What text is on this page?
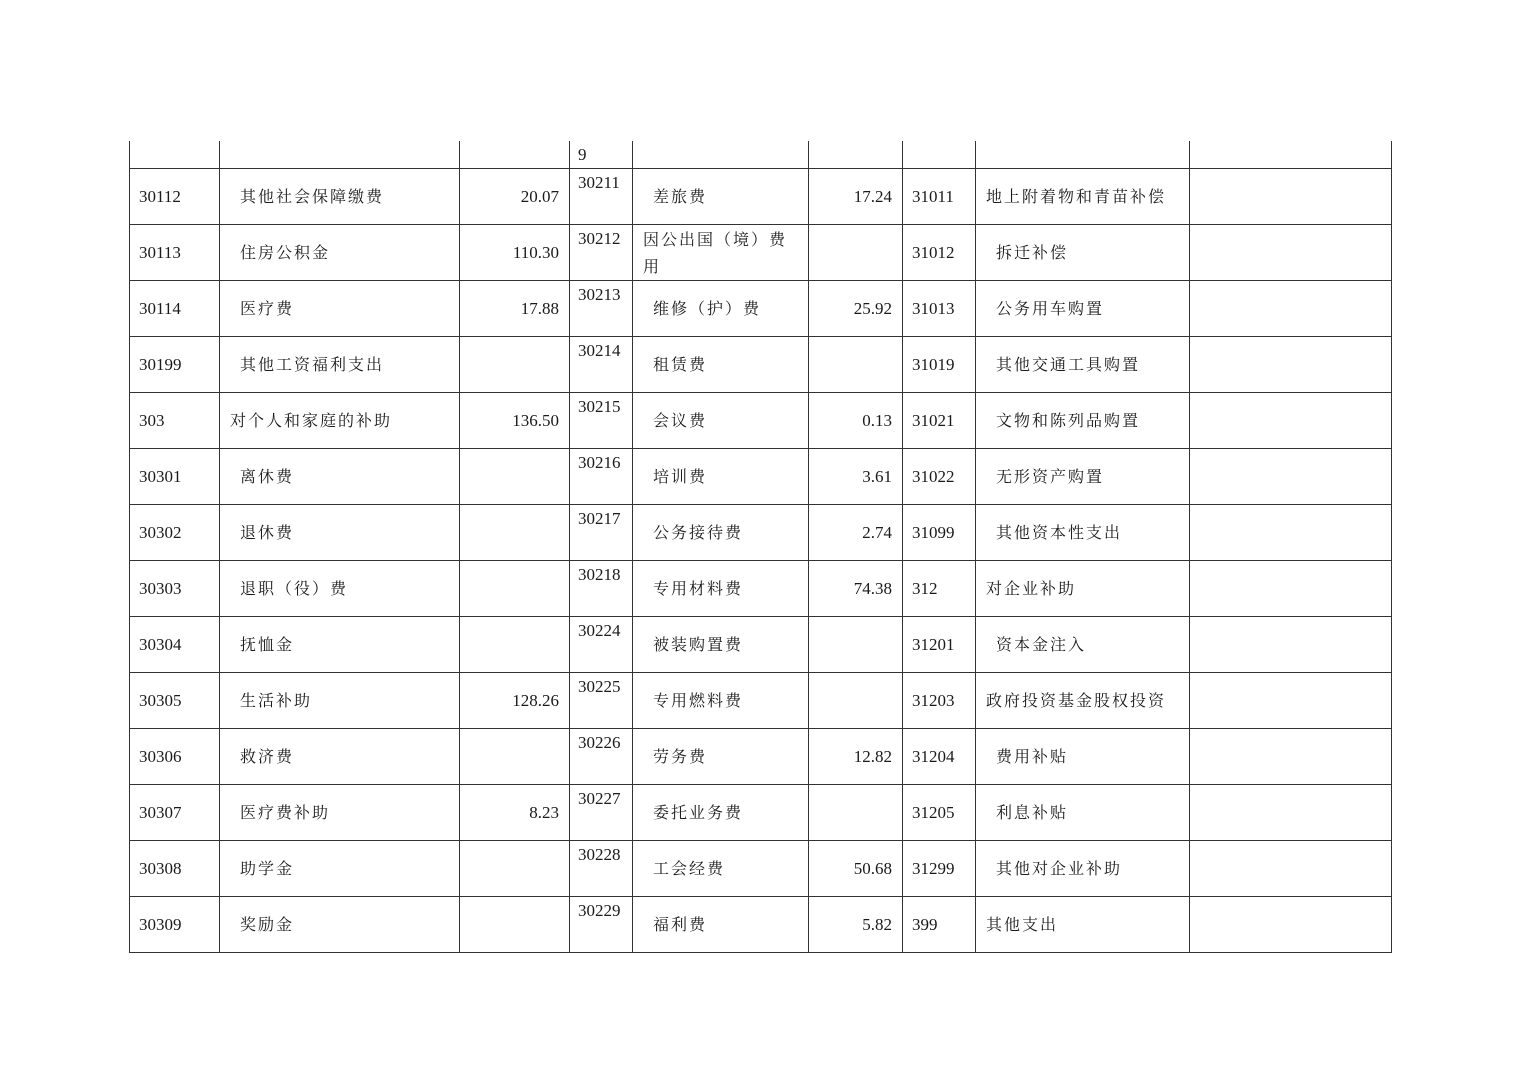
			9					
30112	其他社会保障缴费	20.07	30211	差旅费	17.24	31011	地上附着物和青苗补偿	
30113	住房公积金	110.30	30212	因公出国（境）费用		31012	拆迁补偿	
30114	医疗费	17.88	30213	维修（护）费	25.92	31013	公务用车购置	
30199	其他工资福利支出		30214	租赁费		31019	其他交通工具购置	
303	对个人和家庭的补助	136.50	30215	会议费	0.13	31021	文物和陈列品购置	
30301	离休费		30216	培训费	3.61	31022	无形资产购置	
30302	退休费		30217	公务接待费	2.74	31099	其他资本性支出	
30303	退职（役）费		30218	专用材料费	74.38	312	对企业补助	
30304	抚恤金		30224	被装购置费		31201	资本金注入	
30305	生活补助	128.26	30225	专用燃料费		31203	政府投资基金股权投资	
30306	救济费		30226	劳务费	12.82	31204	费用补贴	
30307	医疗费补助	8.23	30227	委托业务费		31205	利息补贴	
30308	助学金		30228	工会经费	50.68	31299	其他对企业补助	
30309	奖励金		30229	福利费	5.82	399	其他支出	
